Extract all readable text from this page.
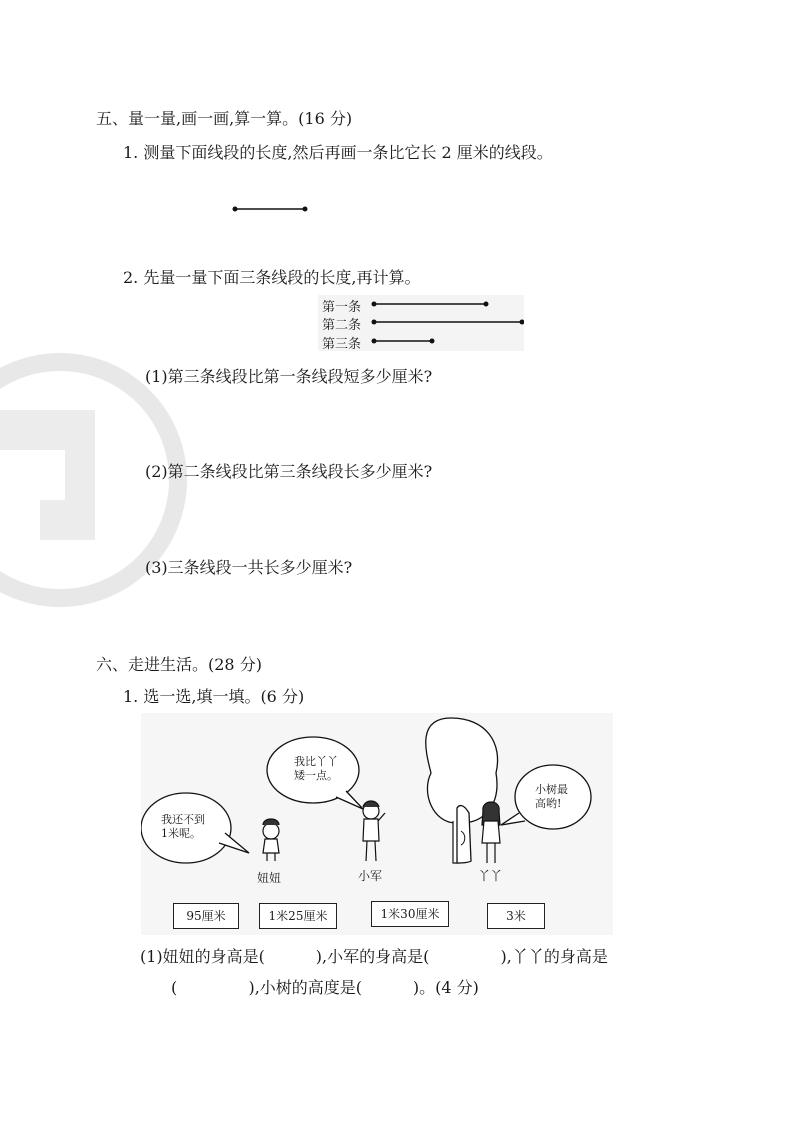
五、量一量,画一画,算一算。(16 分)
1. 测量下面线段的长度,然后再画一条比它长 2 厘米的线段。
2. 先量一量下面三条线段的长度,再计算。
第一条
第二条
第三条
(1)第三条线段比第一条线段短多少厘米?
(2)第二条线段比第三条线段长多少厘米?
(3)三条线段一共长多少厘米?
六、走进生活。(28 分)
1. 选一选,填一填。(6 分)
我还不到
1米呢。
我比丫丫
矮一点。
小树最
高哟!
妞妞	小军	丫丫
95厘米	1米25厘米	1米30厘米	3米
(1)妞妞的身高是(          ),小军的身高是(              ),丫丫的身高是
(              ),小树的高度是(          )。(4 分)
